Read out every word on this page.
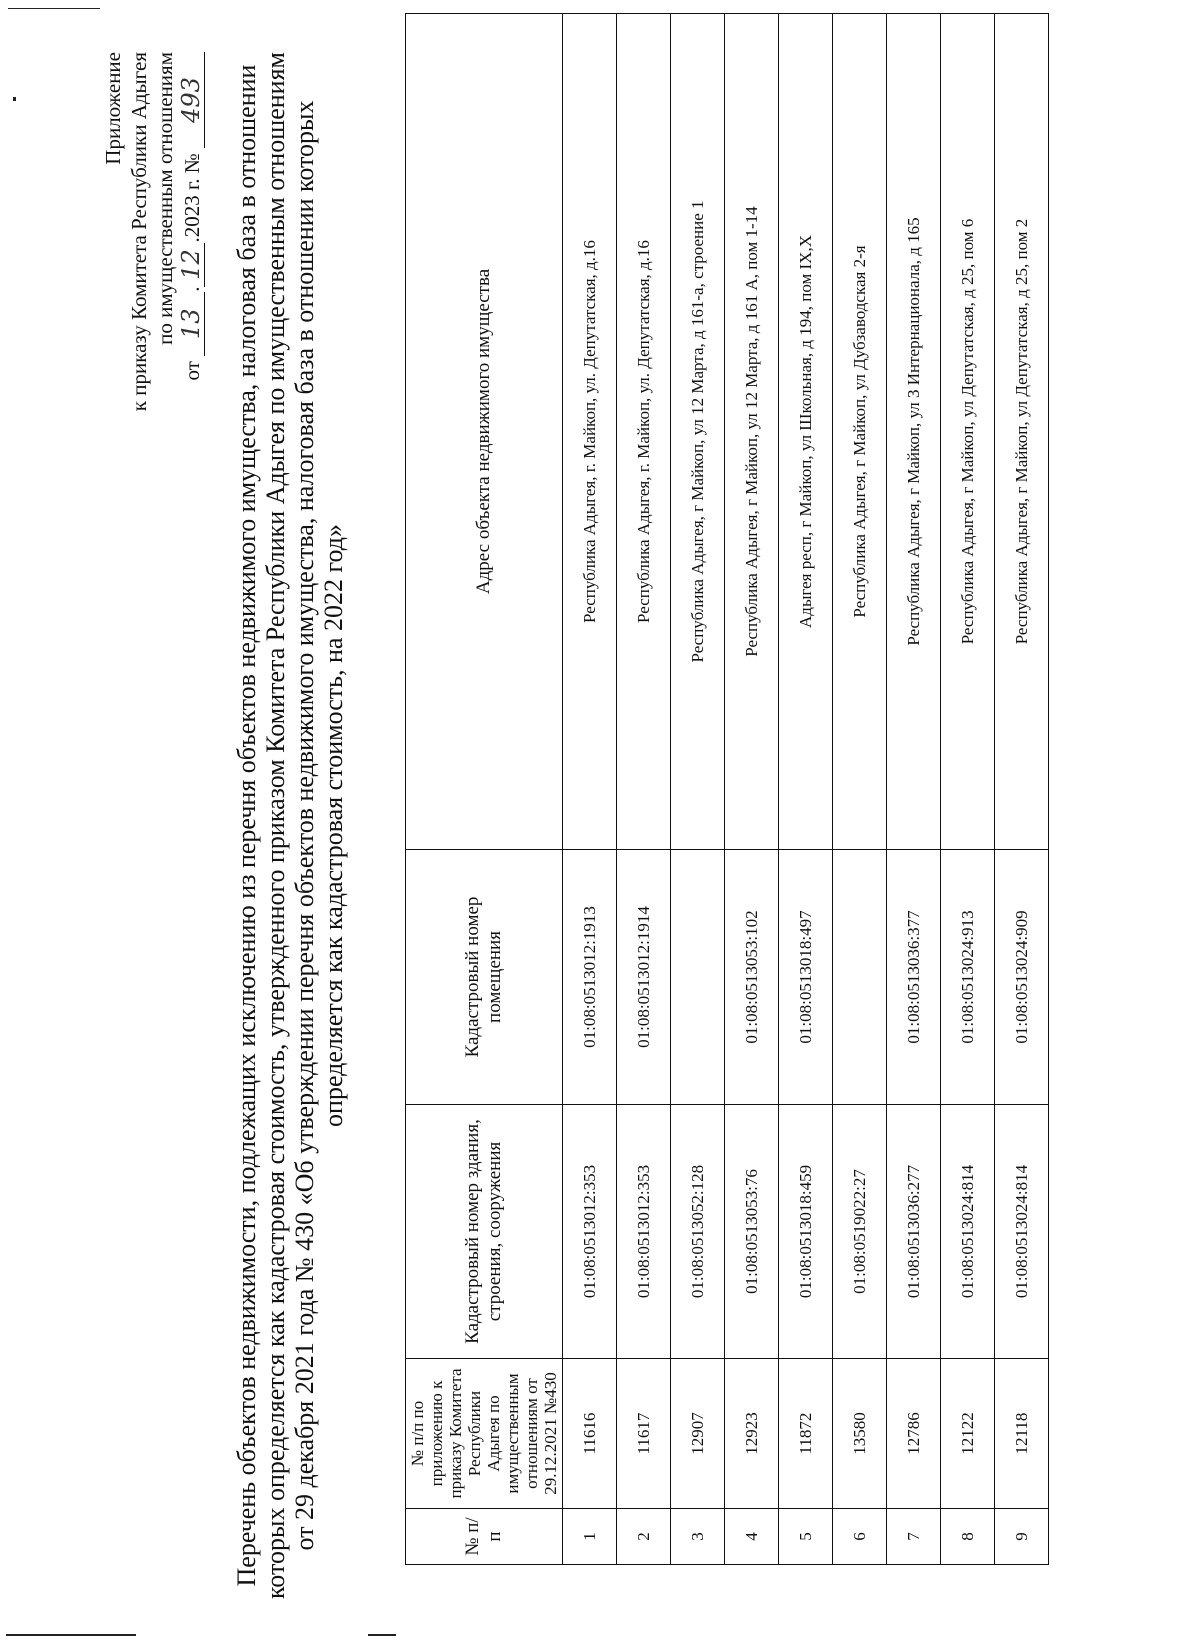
Приложение к приказу Комитета Республики Адыгея по имущественным отношениям
от 13.12.2023 г. № 493 Перечень объектов недвижимости, подлежащих исключению из перечня объектов недвижимого имущества, налоговая база в отношении которых определяется как кадастровая стоимость, утвержденного приказом Комитета Республики Адыгея по имущественным отношениям от 29 декабря 2021 года № 430 «Об утверждении перечня объектов недвижимого имущества, налоговая база в отношении которых определяется как кадастровая стоимость, на 2022 год»
№ п/п	№ п/п по приложению к приказу Комитета Республики Адыгея по имущественным отношениям от 29.12.2021 №430	Кадастровый номер здания, строения, сооружения	Кадастровый номер помещения	Адрес объекта недвижимого имущества
1	11616	01:08:0513012:353	01:08:0513012:1913	Республика Адыгея, г. Майкоп, ул. Депутатская, д.16
2	11617	01:08:0513012:353	01:08:0513012:1914	Республика Адыгея, г. Майкоп, ул. Депутатская, д.16
3	12907	01:08:0513052:128		Республика Адыгея, г Майкоп, ул 12 Марта, д 161-а, строение 1
4	12923	01:08:0513053:76	01:08:0513053:102	Республика Адыгея, г Майкоп, ул 12 Марта, д 161 А, пом 1-14
5	11872	01:08:0513018:459	01:08:0513018:497	Адыгея респ, г Майкоп, ул Школьная, д 194, пом IX,X
6	13580	01:08:0519022:27		Республика Адыгея, г Майкоп, ул Дубзаводская 2-я
7	12786	01:08:0513036:277	01:08:0513036:377	Республика Адыгея, г Майкоп, ул 3 Интернационала, д 165
8	12122	01:08:0513024:814	01:08:0513024:913	Республика Адыгея, г Майкоп, ул Депутатская, д 25, пом 6
9	12118	01:08:0513024:814	01:08:0513024:909	Республика Адыгея, г Майкоп, ул Депутатская, д 25, пом 2
